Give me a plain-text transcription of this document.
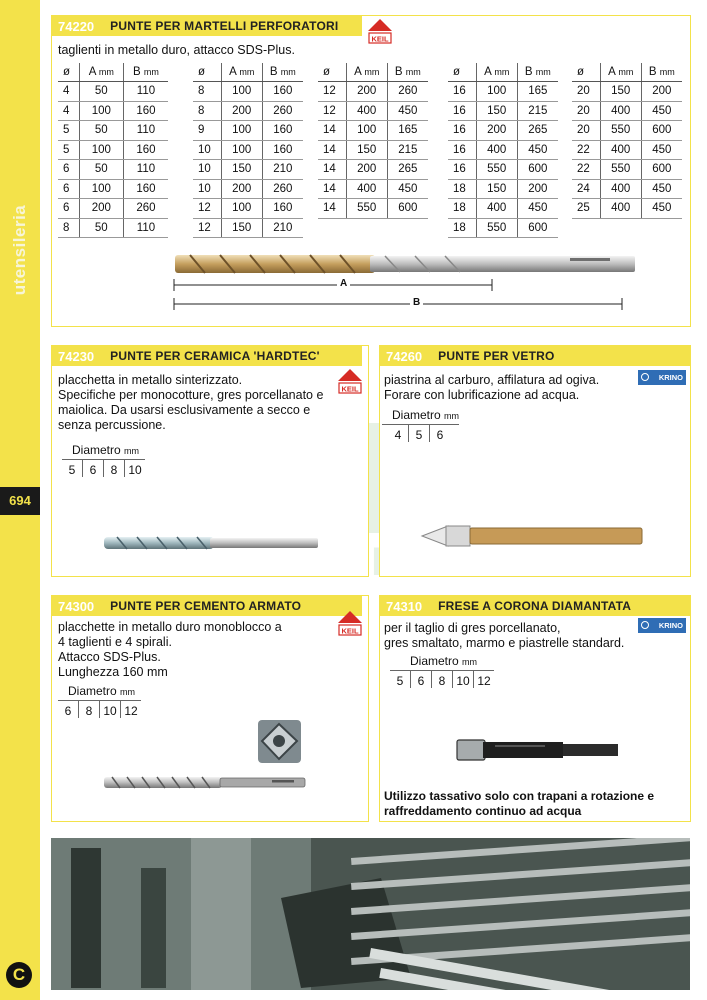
utensileria
694
C
74220 PUNTE PER MARTELLI PERFORATORI
KEIL
taglienti in metallo duro, attacco SDS-Plus.
ø	A mm	B mm
4	50	110
4	100	160
5	50	110
5	100	160
6	50	110
6	100	160
6	200	260
8	50	110
ø	A mm	B mm
8	100	160
8	200	260
9	100	160
10	100	160
10	150	210
10	200	260
12	100	160
12	150	210
ø	A mm	B mm
12	200	260
12	400	450
14	100	165
14	150	215
14	200	265
14	400	450
14	550	600
ø	A mm	B mm
16	100	165
16	150	215
16	200	265
16	400	450
16	550	600
18	150	200
18	400	450
18	550	600
ø	A mm	B mm
20	150	200
20	400	450
20	550	600
22	400	450
22	550	600
24	400	450
25	400	450
A
B
74230 PUNTE PER CERAMICA 'HARDTEC'
KEIL
placchetta in metallo sinterizzato.
Specifiche per monocotture, gres porcellanato e
maiolica. Da usarsi esclusivamente a secco e
senza percussione.
Diametro mm
5	6	8 10
74260 PUNTE PER VETRO
KRINO
piastrina al carburo, affilatura ad ogiva.
Forare con lubrificazione ad acqua.
Diametro mm
4	5	6
74300 PUNTE PER CEMENTO ARMATO
KEIL
placchette in metallo duro monoblocco a
4 taglienti e 4 spirali.
Attacco SDS-Plus.
Lunghezza 160 mm
Diametro mm
6	8 10 12
74310 FRESE A CORONA DIAMANTATA
KRINO
per il taglio di gres porcellanato,
gres smaltato, marmo e piastrelle standard.
Diametro mm
5	6	8 10 12
Utilizzo tassativo solo con trapani a rotazione e
raffreddamento continuo ad acqua
